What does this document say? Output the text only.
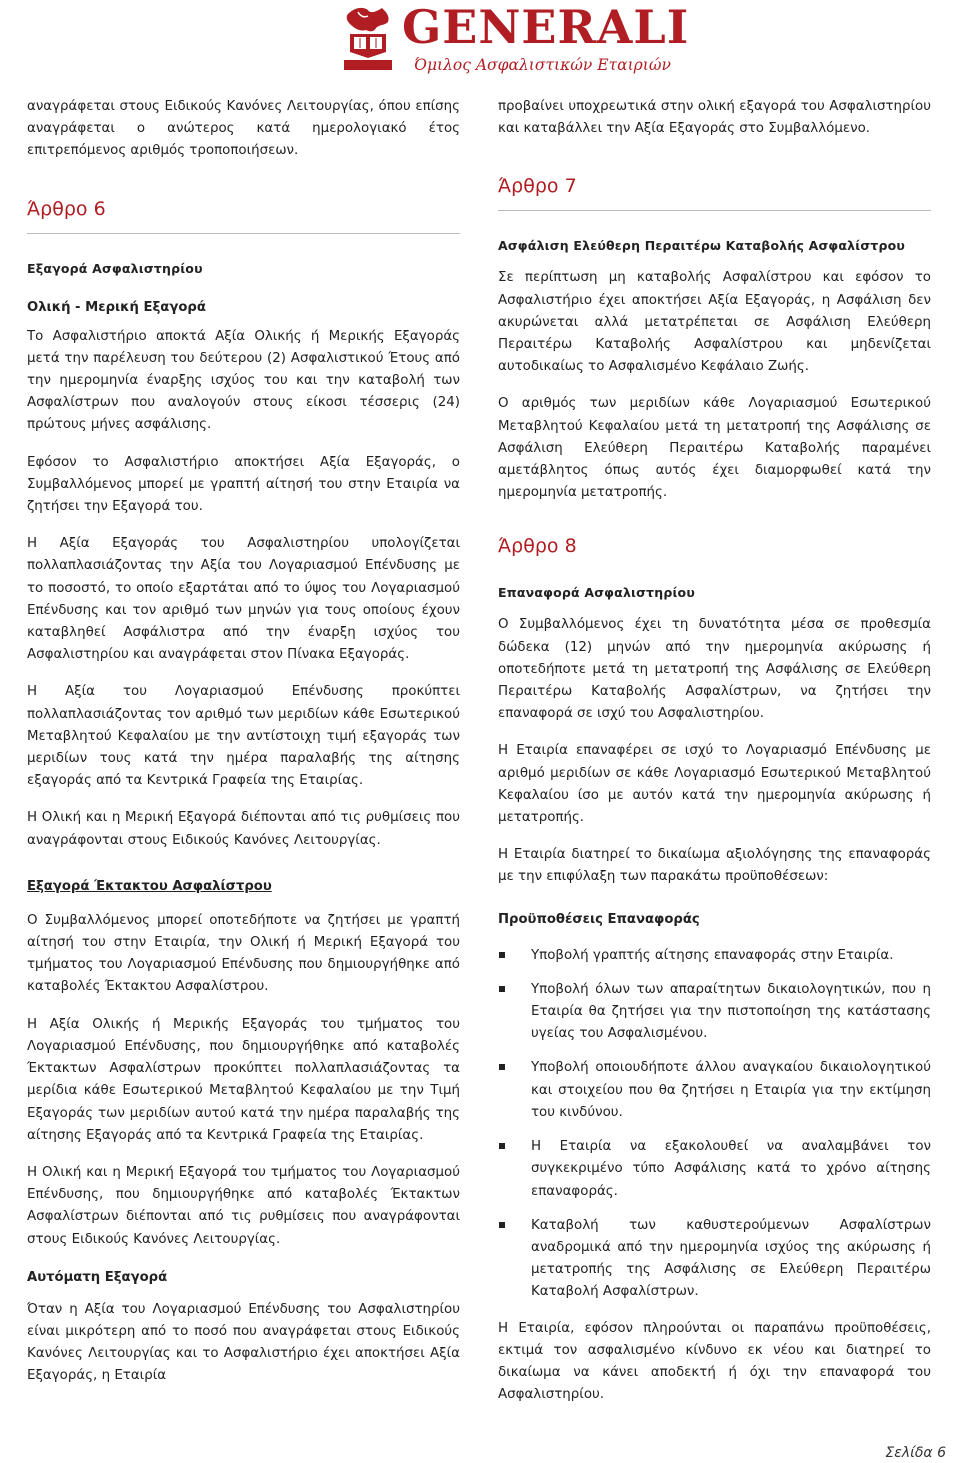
GENERALI
Όμιλος Ασφαλιστικών Εταιριών

αναγράφεται στους Ειδικούς Κανόνες Λειτουργίας, όπου επίσης αναγράφεται ο ανώτερος κατά ημερολογιακό έτος επιτρεπόμενος αριθμός τροποποιήσεων.

Άρθρο 6

Εξαγορά Ασφαλιστηρίου

Ολική - Μερική Εξαγορά

Το Ασφαλιστήριο αποκτά Αξία Ολικής ή Μερικής Εξαγοράς μετά την παρέλευση του δεύτερου (2) Ασφαλιστικού Έτους από την ημερομηνία έναρξης ισχύος του και την καταβολή των Ασφαλίστρων που αναλογούν στους είκοσι τέσσερις (24) πρώτους μήνες ασφάλισης.

Εφόσον το Ασφαλιστήριο αποκτήσει Αξία Εξαγοράς, ο Συμβαλλόμενος μπορεί με γραπτή αίτησή του στην Εταιρία να ζητήσει την Εξαγορά του.

Η Αξία Εξαγοράς του Ασφαλιστηρίου υπολογίζεται πολλαπλασιάζοντας την Αξία του Λογαριασμού Επένδυσης με το ποσοστό, το οποίο εξαρτάται από το ύψος του Λογαριασμού Επένδυσης και τον αριθμό των μηνών για τους οποίους έχουν καταβληθεί Ασφάλιστρα από την έναρξη ισχύος του Ασφαλιστηρίου και αναγράφεται στον Πίνακα Εξαγοράς.

Η Αξία του Λογαριασμού Επένδυσης προκύπτει πολλαπλασιάζοντας τον αριθμό των μεριδίων κάθε Εσωτερικού Μεταβλητού Κεφαλαίου με την αντίστοιχη τιμή εξαγοράς των μεριδίων τους κατά την ημέρα παραλαβής της αίτησης εξαγοράς από τα Κεντρικά Γραφεία της Εταιρίας.

Η Ολική και η Μερική Εξαγορά διέπονται από τις ρυθμίσεις που αναγράφονται στους Ειδικούς Κανόνες Λειτουργίας.

Εξαγορά Έκτακτου Ασφαλίστρου

Ο Συμβαλλόμενος μπορεί οποτεδήποτε να ζητήσει με γραπτή αίτησή του στην Εταιρία, την Ολική ή Μερική Εξαγορά του τμήματος του Λογαριασμού Επένδυσης που δημιουργήθηκε από καταβολές Έκτακτου Ασφαλίστρου.

Η Αξία Ολικής ή Μερικής Εξαγοράς του τμήματος του Λογαριασμού Επένδυσης, που δημιουργήθηκε από καταβολές Έκτακτων Ασφαλίστρων προκύπτει πολλαπλασιάζοντας τα μερίδια κάθε Εσωτερικού Μεταβλητού Κεφαλαίου με την Τιμή Εξαγοράς των μεριδίων αυτού κατά την ημέρα παραλαβής της αίτησης Εξαγοράς από τα Κεντρικά Γραφεία της Εταιρίας.

Η Ολική και η Μερική Εξαγορά του τμήματος του Λογαριασμού Επένδυσης, που δημιουργήθηκε από καταβολές Έκτακτων Ασφαλίστρων διέπονται από τις ρυθμίσεις που αναγράφονται στους Ειδικούς Κανόνες Λειτουργίας.

Αυτόματη Εξαγορά

Όταν η Αξία του Λογαριασμού Επένδυσης του Ασφαλιστηρίου είναι μικρότερη από το ποσό που αναγράφεται στους Ειδικούς Κανόνες Λειτουργίας και το Ασφαλιστήριο έχει αποκτήσει Αξία Εξαγοράς, η Εταιρία

προβαίνει υποχρεωτικά στην ολική εξαγορά του Ασφαλιστηρίου και καταβάλλει την Αξία Εξαγοράς στο Συμβαλλόμενο.

Άρθρο 7

Ασφάλιση Ελεύθερη Περαιτέρω Καταβολής Ασφαλίστρου

Σε περίπτωση μη καταβολής Ασφαλίστρου και εφόσον το Ασφαλιστήριο έχει αποκτήσει Αξία Εξαγοράς, η Ασφάλιση δεν ακυρώνεται αλλά μετατρέπεται σε Ασφάλιση Ελεύθερη Περαιτέρω Καταβολής Ασφαλίστρου και μηδενίζεται αυτοδικαίως το Ασφαλισμένο Κεφάλαιο Ζωής.

Ο αριθμός των μεριδίων κάθε Λογαριασμού Εσωτερικού Μεταβλητού Κεφαλαίου μετά τη μετατροπή της Ασφάλισης σε Ασφάλιση Ελεύθερη Περαιτέρω Καταβολής παραμένει αμετάβλητος όπως αυτός έχει διαμορφωθεί κατά την ημερομηνία μετατροπής.

Άρθρο 8

Επαναφορά Ασφαλιστηρίου

Ο Συμβαλλόμενος έχει τη δυνατότητα μέσα σε προθεσμία δώδεκα (12) μηνών από την ημερομηνία ακύρωσης ή οποτεδήποτε μετά τη μετατροπή της Ασφάλισης σε Ελεύθερη Περαιτέρω Καταβολής Ασφαλίστρων, να ζητήσει την επαναφορά σε ισχύ του Ασφαλιστηρίου.

Η Εταιρία επαναφέρει σε ισχύ το Λογαριασμό Επένδυσης με αριθμό μεριδίων σε κάθε Λογαριασμό Εσωτερικού Μεταβλητού Κεφαλαίου ίσο με αυτόν κατά την ημερομηνία ακύρωσης ή μετατροπής.

Η Εταιρία διατηρεί το δικαίωμα αξιολόγησης της επαναφοράς με την επιφύλαξη των παρακάτω προϋποθέσεων:

Προϋποθέσεις Επαναφοράς

Υποβολή γραπτής αίτησης επαναφοράς στην Εταιρία.
Υποβολή όλων των απαραίτητων δικαιολογητικών, που η Εταιρία θα ζητήσει για την πιστοποίηση της κατάστασης υγείας του Ασφαλισμένου.
Υποβολή οποιουδήποτε άλλου αναγκαίου δικαιολογητικού και στοιχείου που θα ζητήσει η Εταιρία για την εκτίμηση του κινδύνου.
Η Εταιρία να εξακολουθεί να αναλαμβάνει τον συγκεκριμένο τύπο Ασφάλισης κατά το χρόνο αίτησης επαναφοράς.
Καταβολή των καθυστερούμενων Ασφαλίστρων αναδρομικά από την ημερομηνία ισχύος της ακύρωσης ή μετατροπής της Ασφάλισης σε Ελεύθερη Περαιτέρω Καταβολή Ασφαλίστρων.

Η Εταιρία, εφόσον πληρούνται οι παραπάνω προϋποθέσεις, εκτιμά τον ασφαλισμένο κίνδυνο εκ νέου και διατηρεί το δικαίωμα να κάνει αποδεκτή ή όχι την επαναφορά του Ασφαλιστηρίου.

Σελίδα 6
